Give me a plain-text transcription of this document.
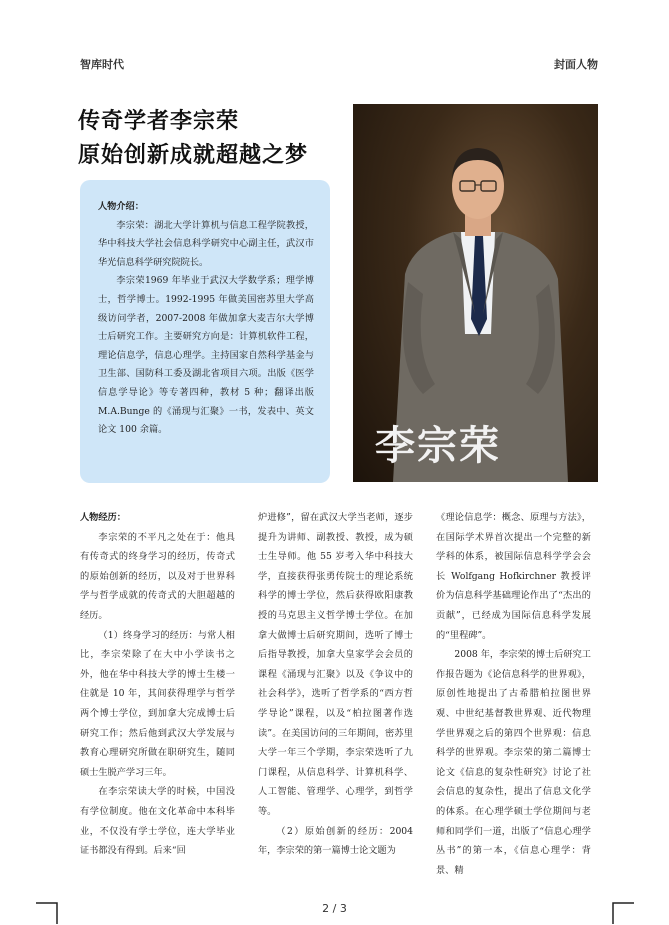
智库时代	封面人物
传奇学者李宗荣
原始创新成就超越之梦

人物介绍：

李宗荣：湖北大学计算机与信息工程学院教授，华中科技大学社会信息科学研究中心副主任，武汉市华光信息科学研究院院长。

李宗荣1969 年毕业于武汉大学数学系；理学博士，哲学博士。1992-1995 年做美国密苏里大学高级访问学者，2007-2008 年做加拿大麦吉尔大学博士后研究工作。主要研究方向是：计算机软件工程，理论信息学，信息心理学。主持国家自然科学基金与卫生部、国防科工委及湖北省项目六项。出版《医学信息学导论》等专著四种，教材 5 种；翻译出版 M.A.Bunge 的《涌现与汇聚》一书，发表中、英文论文 100 余篇。	李宗荣

人物经历：

李宗荣的不平凡之处在于：他具有传奇式的终身学习的经历，传奇式的原始创新的经历，以及对于世界科学与哲学成就的传奇式的大胆超越的经历。

（1）终身学习的经历：与常人相比，李宗荣除了在大中小学读书之外，他在华中科技大学的博士生楼一住就是 10 年，其间获得理学与哲学两个博士学位，到加拿大完成博士后研究工作；然后他到武汉大学发展与教育心理研究所做在职研究生，随同硕士生脱产学习三年。

在李宗荣读大学的时候，中国没有学位制度。他在文化革命中本科毕业，不仅没有学士学位，连大学毕业证书都没有得到。后来“回

炉进修”，留在武汉大学当老师，逐步提升为讲师、副教授、教授，成为硕士生导师。他 55 岁考入华中科技大学，直接获得张勇传院士的理论系统科学的博士学位，然后获得欧阳康教授的马克思主义哲学博士学位。在加拿大做博士后研究期间，选听了博士后指导教授，加拿大皇家学会会员的课程《涌现与汇聚》以及《争议中的社会科学》，选听了哲学系的“西方哲学导论”课程，以及“柏拉图著作选读”。在美国访问的三年期间，密苏里大学一年三个学期，李宗荣选听了九门课程，从信息科学、计算机科学、人工智能、管理学、心理学，到哲学等。

（2）原始创新的经历：2004年，李宗荣的第一篇博士论文题为

《理论信息学：概念、原理与方法》，在国际学术界首次提出一个完整的新学科的体系，被国际信息科学学会会长 Wolfgang Hofkirchner 教授评价为信息科学基础理论作出了“杰出的贡献”，已经成为国际信息科学发展的“里程碑”。

2008 年，李宗荣的博士后研究工作报告题为《论信息科学的世界观》，原创性地提出了古希腊柏拉图世界观、中世纪基督教世界观、近代物理学世界观之后的第四个世界观：信息科学的世界观。李宗荣的第二篇博士论文《信息的复杂性研究》讨论了社会信息的复杂性，提出了信息文化学的体系。在心理学硕士学位期间与老师和同学们一道，出版了“信息心理学丛书”的第一本，《信息心理学：背景、精

2 / 3
